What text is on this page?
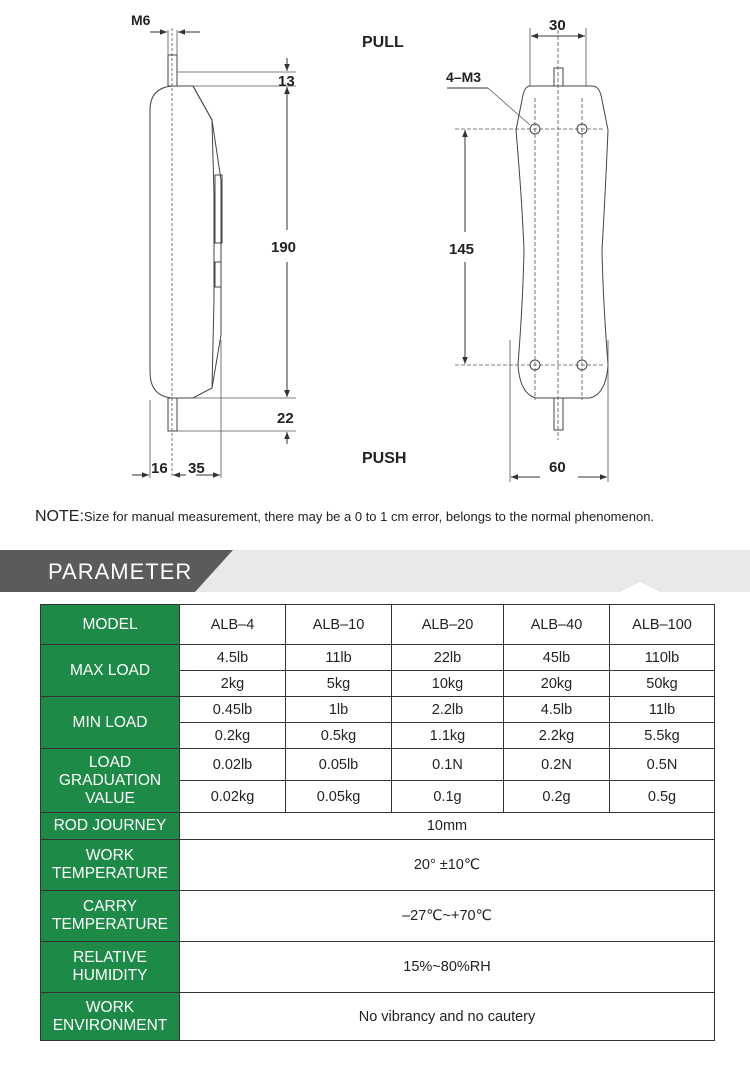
M6
13
190
22
16 35
PULL
PUSH
30
4–M3
145
60
NOTE:Size for manual measurement, there may be a 0 to 1 cm error, belongs to the normal phenomenon.
PARAMETER
MODEL	ALB–4	ALB–10	ALB–20	ALB–40	ALB–100
MAX LOAD	4.5lb	11lb	22lb	45lb	110lb
	2kg	5kg	10kg	20kg	50kg
MIN LOAD	0.45lb	1lb	2.2lb	4.5lb	11lb
	0.2kg	0.5kg	1.1kg	2.2kg	5.5kg

LOAD
GRADUATION
VALUE	0.02lb	0.05lb	0.1N	0.2N	0.5N
	0.02kg	0.05kg	0.1g	0.2g	0.5g
ROD JOURNEY	10mm				

WORK
TEMPERATURE	20° ±10℃				

CARRY
TEMPERATURE	–27℃~+70℃				

RELATIVE
HUMIDITY	15%~80%RH				

WORK
ENVIRONMENT	No vibrancy and no cautery				
